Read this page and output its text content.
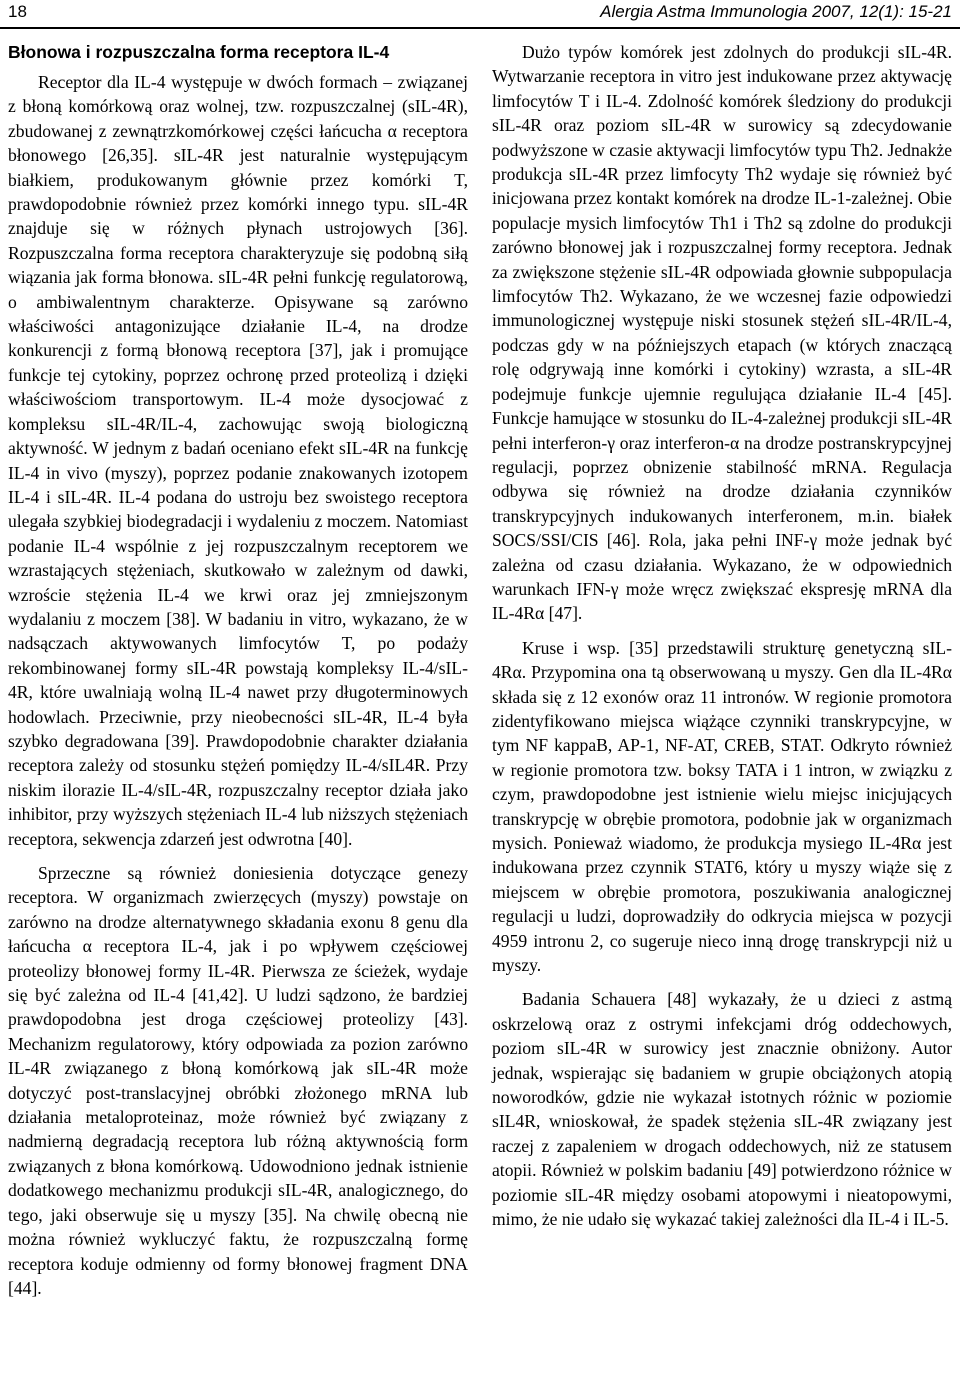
18	Alergia Astma Immunologia 2007, 12(1): 15-21
Błonowa i rozpuszczalna forma receptora IL-4

Receptor dla IL-4 występuje w dwóch formach – związanej z błoną komórkową oraz wolnej, tzw. rozpuszczalnej (sIL-4R), zbudowanej z zewnątrzkomórkowej części łańcucha α receptora błonowego [26,35]. sIL-4R jest naturalnie występującym białkiem, produkowanym głównie przez komórki T, prawdopodobnie również przez komórki innego typu. sIL-4R znajduje się w różnych płynach ustrojowych [36]. Rozpuszczalna forma receptora charakteryzuje się podobną siłą wiązania jak forma błonowa. sIL-4R pełni funkcję regulatorową, o ambiwalentnym charakterze. Opisywane są zarówno właściwości antagonizujące działanie IL-4, na drodze konkurencji z formą błonową receptora [37], jak i promujące funkcje tej cytokiny, poprzez ochronę przed proteolizą i dzięki właściwościom transportowym. IL-4 może dysocjować z kompleksu sIL-4R/IL-4, zachowując swoją biologiczną aktywność. W jednym z badań oceniano efekt sIL-4R na funkcję IL-4 in vivo (myszy), poprzez podanie znakowanych izotopem IL-4 i sIL-4R. IL-4 podana do ustroju bez swoistego receptora ulegała szybkiej biodegradacji i wydaleniu z moczem. Natomiast podanie IL-4 wspólnie z jej rozpuszczalnym receptorem we wzrastających stężeniach, skutkowało w zależnym od dawki, wzroście stężenia IL-4 we krwi oraz jej zmniejszonym wydalaniu z moczem [38]. W badaniu in vitro, wykazano, że w nadsączach aktywowanych limfocytów T, po podaży rekombinowanej formy sIL-4R powstają kompleksy IL-4/sIL-4R, które uwalniają wolną IL-4 nawet przy długoterminowych hodowlach. Przeciwnie, przy nieobecności sIL-4R, IL-4 była szybko degradowana [39]. Prawdopodobnie charakter działania receptora zależy od stosunku stężeń pomiędzy IL-4/sIL4R. Przy niskim ilorazie IL-4/sIL-4R, rozpuszczalny receptor działa jako inhibitor, przy wyższych stężeniach IL-4 lub niższych stężeniach receptora, sekwencja zdarzeń jest odwrotna [40].

Sprzeczne są również doniesienia dotyczące genezy receptora. W organizmach zwierzęcych (myszy) powstaje on zarówno na drodze alternatywnego składania exonu 8 genu dla łańcucha α receptora IL-4, jak i po wpływem częściowej proteolizy błonowej formy IL-4R. Pierwsza ze ścieżek, wydaje się być zależna od IL-4 [41,42]. U ludzi sądzono, że bardziej prawdopodobna jest droga częściowej proteolizy [43]. Mechanizm regulatorowy, który odpowiada za pozion zarówno IL-4R związanego z błoną komórkową jak sIL-4R może dotyczyć post-translacyjnej obróbki złożonego mRNA lub działania metaloproteinaz, może również być związany z nadmierną degradacją receptora lub różną aktywnością form związanych z błona komórkową. Udowodniono jednak istnienie dodatkowego mechanizmu produkcji sIL-4R, analogicznego, do tego, jaki obserwuje się u myszy [35]. Na chwilę obecną nie można również wykluczyć faktu, że rozpuszczalną formę receptora koduje odmienny od formy błonowej fragment DNA [44].

Dużo typów komórek jest zdolnych do produkcji sIL-4R. Wytwarzanie receptora in vitro jest indukowane przez aktywację limfocytów T i IL-4. Zdolność komórek śledziony do produkcji sIL-4R oraz poziom sIL-4R w surowicy są zdecydowanie podwyższone w czasie aktywacji limfocytów typu Th2. Jednakże produkcja sIL-4R przez limfocyty Th2 wydaje się również być inicjowana przez kontakt komórek na drodze IL-1-zależnej. Obie populacje mysich limfocytów Th1 i Th2 są zdolne do produkcji zarówno błonowej jak i rozpuszczalnej formy receptora. Jednak za zwiększone stężenie sIL-4R odpowiada głownie subpopulacja limfocytów Th2. Wykazano, że we wczesnej fazie odpowiedzi immunologicznej występuje niski stosunek stężeń sIL-4R/IL-4, podczas gdy w na późniejszych etapach (w których znaczącą rolę odgrywają inne komórki i cytokiny) wzrasta, a sIL-4R podejmuje funkcje ujemnie regulująca działanie IL-4 [45]. Funkcje hamujące w stosunku do IL-4-zależnej produkcji sIL-4R pełni interferon-γ oraz interferon-α na drodze postranskrypcyjnej regulacji, poprzez obnizenie stabilność mRNA. Regulacja odbywa się również na drodze działania czynników transkrypcyjnych indukowanych interferonem, m.in. białek SOCS/SSI/CIS [46]. Rola, jaka pełni INF-γ może jednak być zależna od czasu działania. Wykazano, że w odpowiednich warunkach IFN-γ może wręcz zwiększać ekspresję mRNA dla IL-4Rα [47].

Kruse i wsp. [35] przedstawili strukturę genetyczną sIL-4Rα. Przypomina ona tą obserwowaną u myszy. Gen dla IL-4Rα składa się z 12 exonów oraz 11 intronów. W regionie promotora zidentyfikowano miejsca wiążące czynniki transkrypcyjne, w tym NF kappaB, AP-1, NF-AT, CREB, STAT. Odkryto również w regionie promotora tzw. boksy TATA i 1 intron, w związku z czym, prawdopodobne jest istnienie wielu miejsc inicjujących transkrypcję w obrębie promotora, podobnie jak w organizmach mysich. Ponieważ wiadomo, że produkcja mysiego IL-4Rα jest indukowana przez czynnik STAT6, który u myszy wiąże się z miejscem w obrębie promotora, poszukiwania analogicznej regulacji u ludzi, doprowadziły do odkrycia miejsca w pozycji 4959 intronu 2, co sugeruje nieco inną drogę transkrypcji niż u myszy.

Badania Schauera [48] wykazały, że u dzieci z astmą oskrzelową oraz z ostrymi infekcjami dróg oddechowych, poziom sIL-4R w surowicy jest znacznie obniżony. Autor jednak, wspierając się badaniem w grupie obciążonych atopią noworodków, gdzie nie wykazał istotnych różnic w poziomie sIL4R, wnioskował, że spadek stężenia sIL-4R związany jest raczej z zapaleniem w drogach oddechowych, niż ze statusem atopii. Również w polskim badaniu [49] potwierdzono różnice w poziomie sIL-4R między osobami atopowymi i nieatopowymi, mimo, że nie udało się wykazać takiej zależności dla IL-4 i IL-5.
